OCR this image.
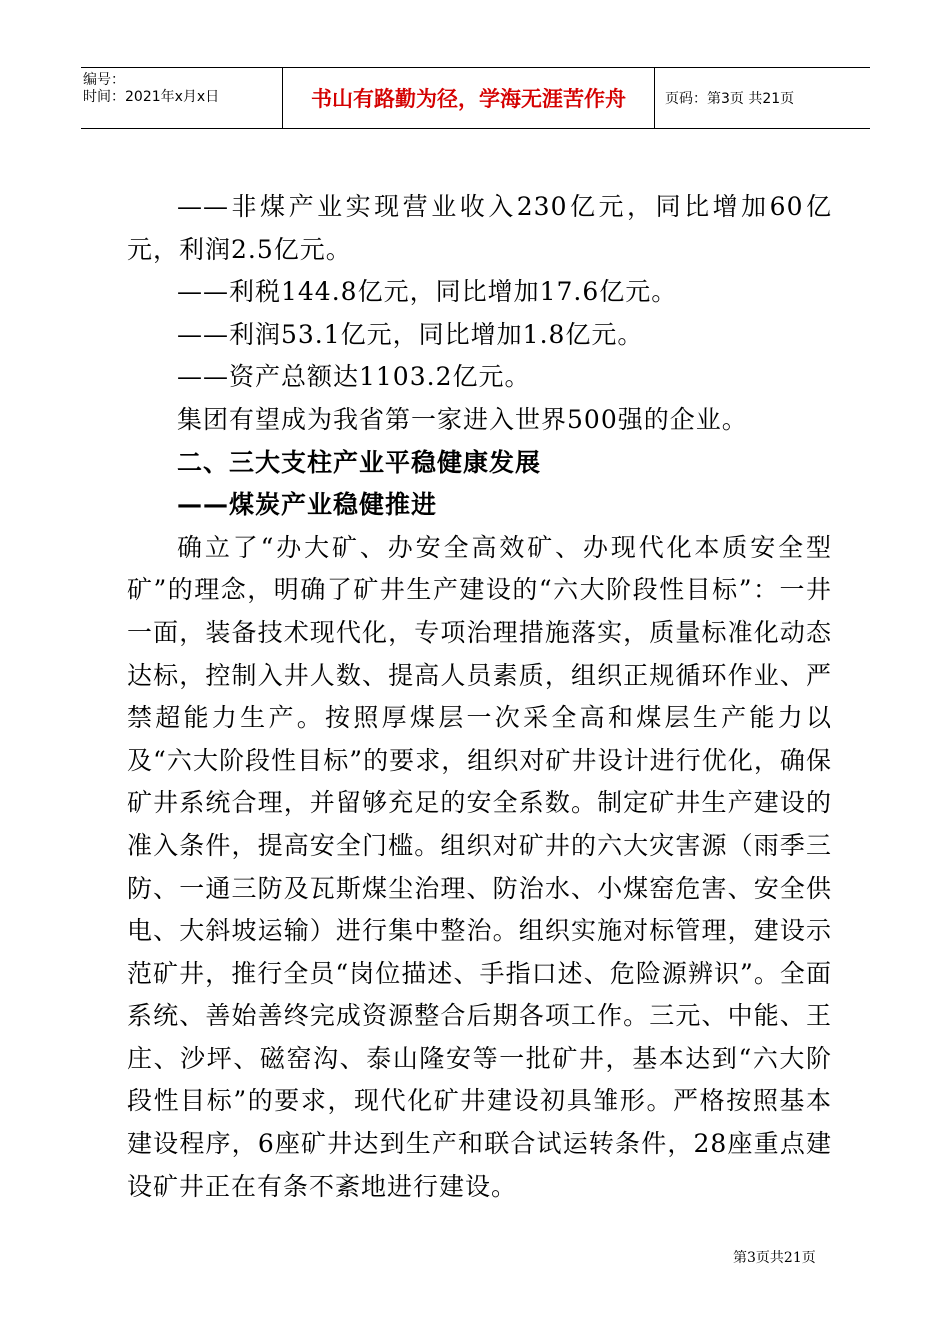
编号：
时间：2021年x月x日	书山有路勤为径，学海无涯苦作舟	页码：第3页 共21页

——非煤产业实现营业收入230亿元，同比增加60亿元，利润2.5亿元。

——利税144.8亿元，同比增加17.6亿元。

——利润53.1亿元，同比增加1.8亿元。

——资产总额达1103.2亿元。

集团有望成为我省第一家进入世界500强的企业。

二、三大支柱产业平稳健康发展

——煤炭产业稳健推进

确立了“办大矿、办安全高效矿、办现代化本质安全型矿”的理念，明确了矿井生产建设的“六大阶段性目标”：一井一面，装备技术现代化，专项治理措施落实，质量标准化动态达标，控制入井人数、提高人员素质，组织正规循环作业、严禁超能力生产。按照厚煤层一次采全高和煤层生产能力以及“六大阶段性目标”的要求，组织对矿井设计进行优化，确保矿井系统合理，并留够充足的安全系数。制定矿井生产建设的准入条件，提高安全门槛。组织对矿井的六大灾害源（雨季三防、一通三防及瓦斯煤尘治理、防治水、小煤窑危害、安全供电、大斜坡运输）进行集中整治。组织实施对标管理，建设示范矿井，推行全员“岗位描述、手指口述、危险源辨识”。全面系统、善始善终完成资源整合后期各项工作。三元、中能、王庄、沙坪、磁窑沟、泰山隆安等一批矿井，基本达到“六大阶段性目标”的要求，现代化矿井建设初具雏形。严格按照基本建设程序，6座矿井达到生产和联合试运转条件，28座重点建设矿井正在有条不紊地进行建设。

第3页共21页
